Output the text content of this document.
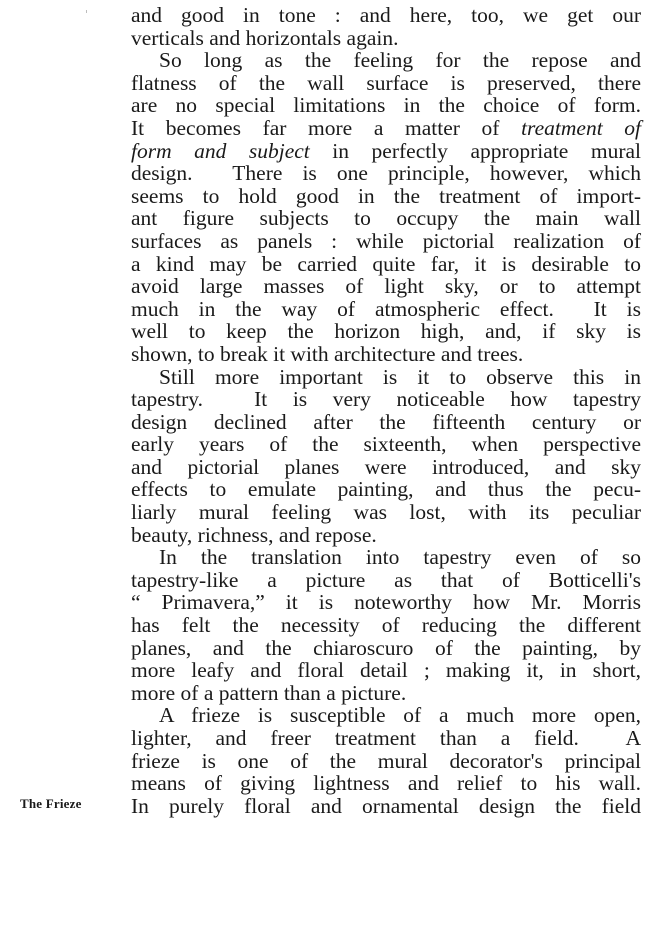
The Frieze
and good in tone : and here, too, we get our
verticals and horizontals again.
So long as the feeling for the repose and
flatness of the wall surface is preserved, there
are no special limitations in the choice of form.
It becomes far more a matter of treatment of
form and subject in perfectly appropriate mural
design.  There is one principle, however, which
seems to hold good in the treatment of import-
ant figure subjects to occupy the main wall
surfaces as panels : while pictorial realization of
a kind may be carried quite far, it is desirable to
avoid large masses of light sky, or to attempt
much in the way of atmospheric effect.  It is
well to keep the horizon high, and, if sky is
shown, to break it with architecture and trees.
Still more important is it to observe this in
tapestry.  It is very noticeable how tapestry
design declined after the fifteenth century or
early years of the sixteenth, when perspective
and pictorial planes were introduced, and sky
effects to emulate painting, and thus the pecu-
liarly mural feeling was lost, with its peculiar
beauty, richness, and repose.
In the translation into tapestry even of so
tapestry-like a picture as that of Botticelli's
“ Primavera,” it is noteworthy how Mr. Morris
has felt the necessity of reducing the different
planes, and the chiaroscuro of the painting, by
more leafy and floral detail ; making it, in short,
more of a pattern than a picture.
A frieze is susceptible of a much more open,
lighter, and freer treatment than a field.  A
frieze is one of the mural decorator's principal
means of giving lightness and relief to his wall.
In purely floral and ornamental design the field
